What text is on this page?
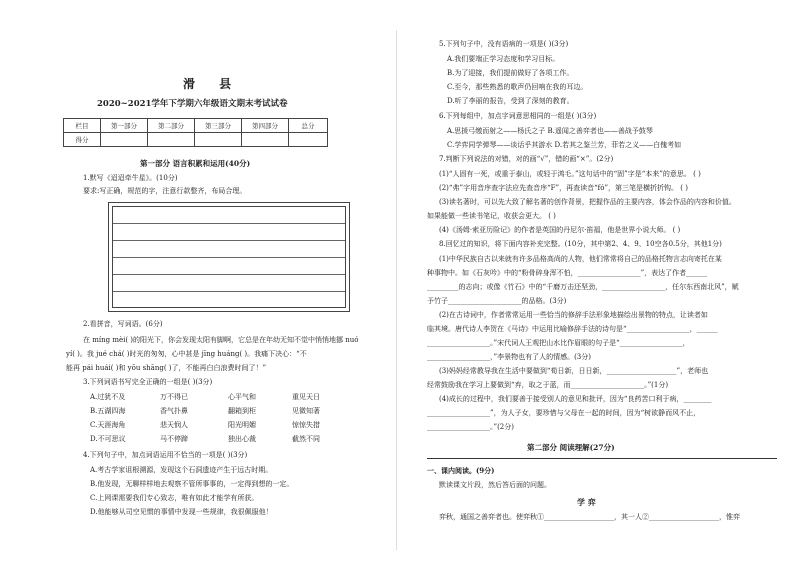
滑 县
2020~2021学年下学期六年级语文期末考试试卷
栏目	第一部分	第二部分	第三部分	第四部分	总分
得分					
第一部分 语言积累和运用(40分)
1.默写《迢迢牵牛星》。(10分)
要求:写正确，规范的字，注意行款整齐，布局合理。
2.看拼音，写词语。(6分)
在 míng mèi( )的阳光下，你会发现太阳有脚啊，它总是在年幼无知不觉中悄悄地挪 nuó
yí( )。我 jué chá( )时光的匆匆，心中甚是 jīng huáng( )。我痛下决心：“不
能再 pái huái( )和 yōu shāng( )了，不能再白白浪费时间了！”
3.下列词语书写完全正确的一组是( )(3分)
A.过犹不及	万不得已	心平气和	重见天日
B.五湖四海	香气扑鼻	翻箱到柜	见微知著
C.天涯海角	悲天悯人	阳光明媚	惊惊失措
D.不可思议	马不停蹄	独出心裁	截然不同
4.下列句子中，加点词语运用不恰当的一项是( )(3分)
A.考古学家诅根溯源，发现这个石洞遗迹产生于远古时期。
B.他发现，无聊样样地去观察不管所事事的，一定得到想的一定。
C.上网课需要我们专心致志，唯有如此才能学有所获。
D.他能够从司空见惯的事情中发现一些规律，我很佩服他！
5.下列句子中，没有语病的一项是( )(3分)
A.我们要端正学习态度和学习目标。
B.为了迎接，我们提前做好了各项工作。
C.至今，那些熟悉的歌声仍回响在我的耳边。
D.听了李丽的报告，受到了深刻的教育。
6.下列每组中，加点字词意思相同的一组是( )(3分)
A.思援弓缴而射之——杨氏之子 B.遥闻之善弈者也——善战予鼓琴
C.学弈同学弹琴——谈话乎其游水 D.若其之鉴兰芳，菲若之义——白傀考如
7.判断下列说法的对错，对的画“√”，错的画“×”。(2分)
(1)“人固有一死，或重于泰山，或轻于鸿毛。”这句话中的“固”字是“本来”的意思。 ( )
(2)“弗”字用音序查字法应先查音序“F”，再查读音“fó”，第三笔是横折折钩。 ( )
(3)读名著时，可以先大致了解名著的创作背景，把握作品的主要内容，体会作品的内容和价值。
如果能做一些读书笔记，收获会更大。 ( )
(4)《汤姆·索亚历险记》的作者是英国的丹尼尔·笛福，他是世界小说大师。 ( )
8.回忆过的知识，将下面内容补充完整。(10分，其中第2、4、9、10空各0.5分，其他1分)
(1)中华民族自古以来就有许多品格高尚的人物，他们常常将自己的品格托物言志向寄托在某
种事物中。如《石灰吟》中的“粉骨碎身浑不怕，__________________”，表达了作者______
_________的志向；或像《竹石》中的“千磨万击还坚劲，__________________，任尔东西南北风”，赋
予竹子_____________________的品格。(3分)
(2)在古诗词中，作者常常运用一些恰当的修辞手法形象地描绘出景物的特点，让读者如
临其境。唐代诗人李贺在《马诗》中运用比喻修辞手法的诗句是“__________________，______
__________________。”宋代词人王观把山水比作眉眼的句子是“__________________，
__________________，”李景物也有了人的情感。(3分)
(3)妈妈经常教导我在生活中要做到“荀日新，日日新，____________________”，老师也
经常鼓励我在学习上要做到“弃，取之于蓝，而_____________________。”(1分)
(4)成长的过程中，我们要善于接受别人的意见和批评，因为“良药苦口利于病，________
__________________”，为人子女，要珍惜与父母在一起的时间，因为“树欲静而风不止，
__________________。”(2分)
第二部分 阅读理解(27分)
一、课内阅读。(9分)
默读课文片段，然后答后面的问题。
学 弈
弈秋，通国之善弈者也。使弈秋①____________________，其一人②____________________，惟弈
